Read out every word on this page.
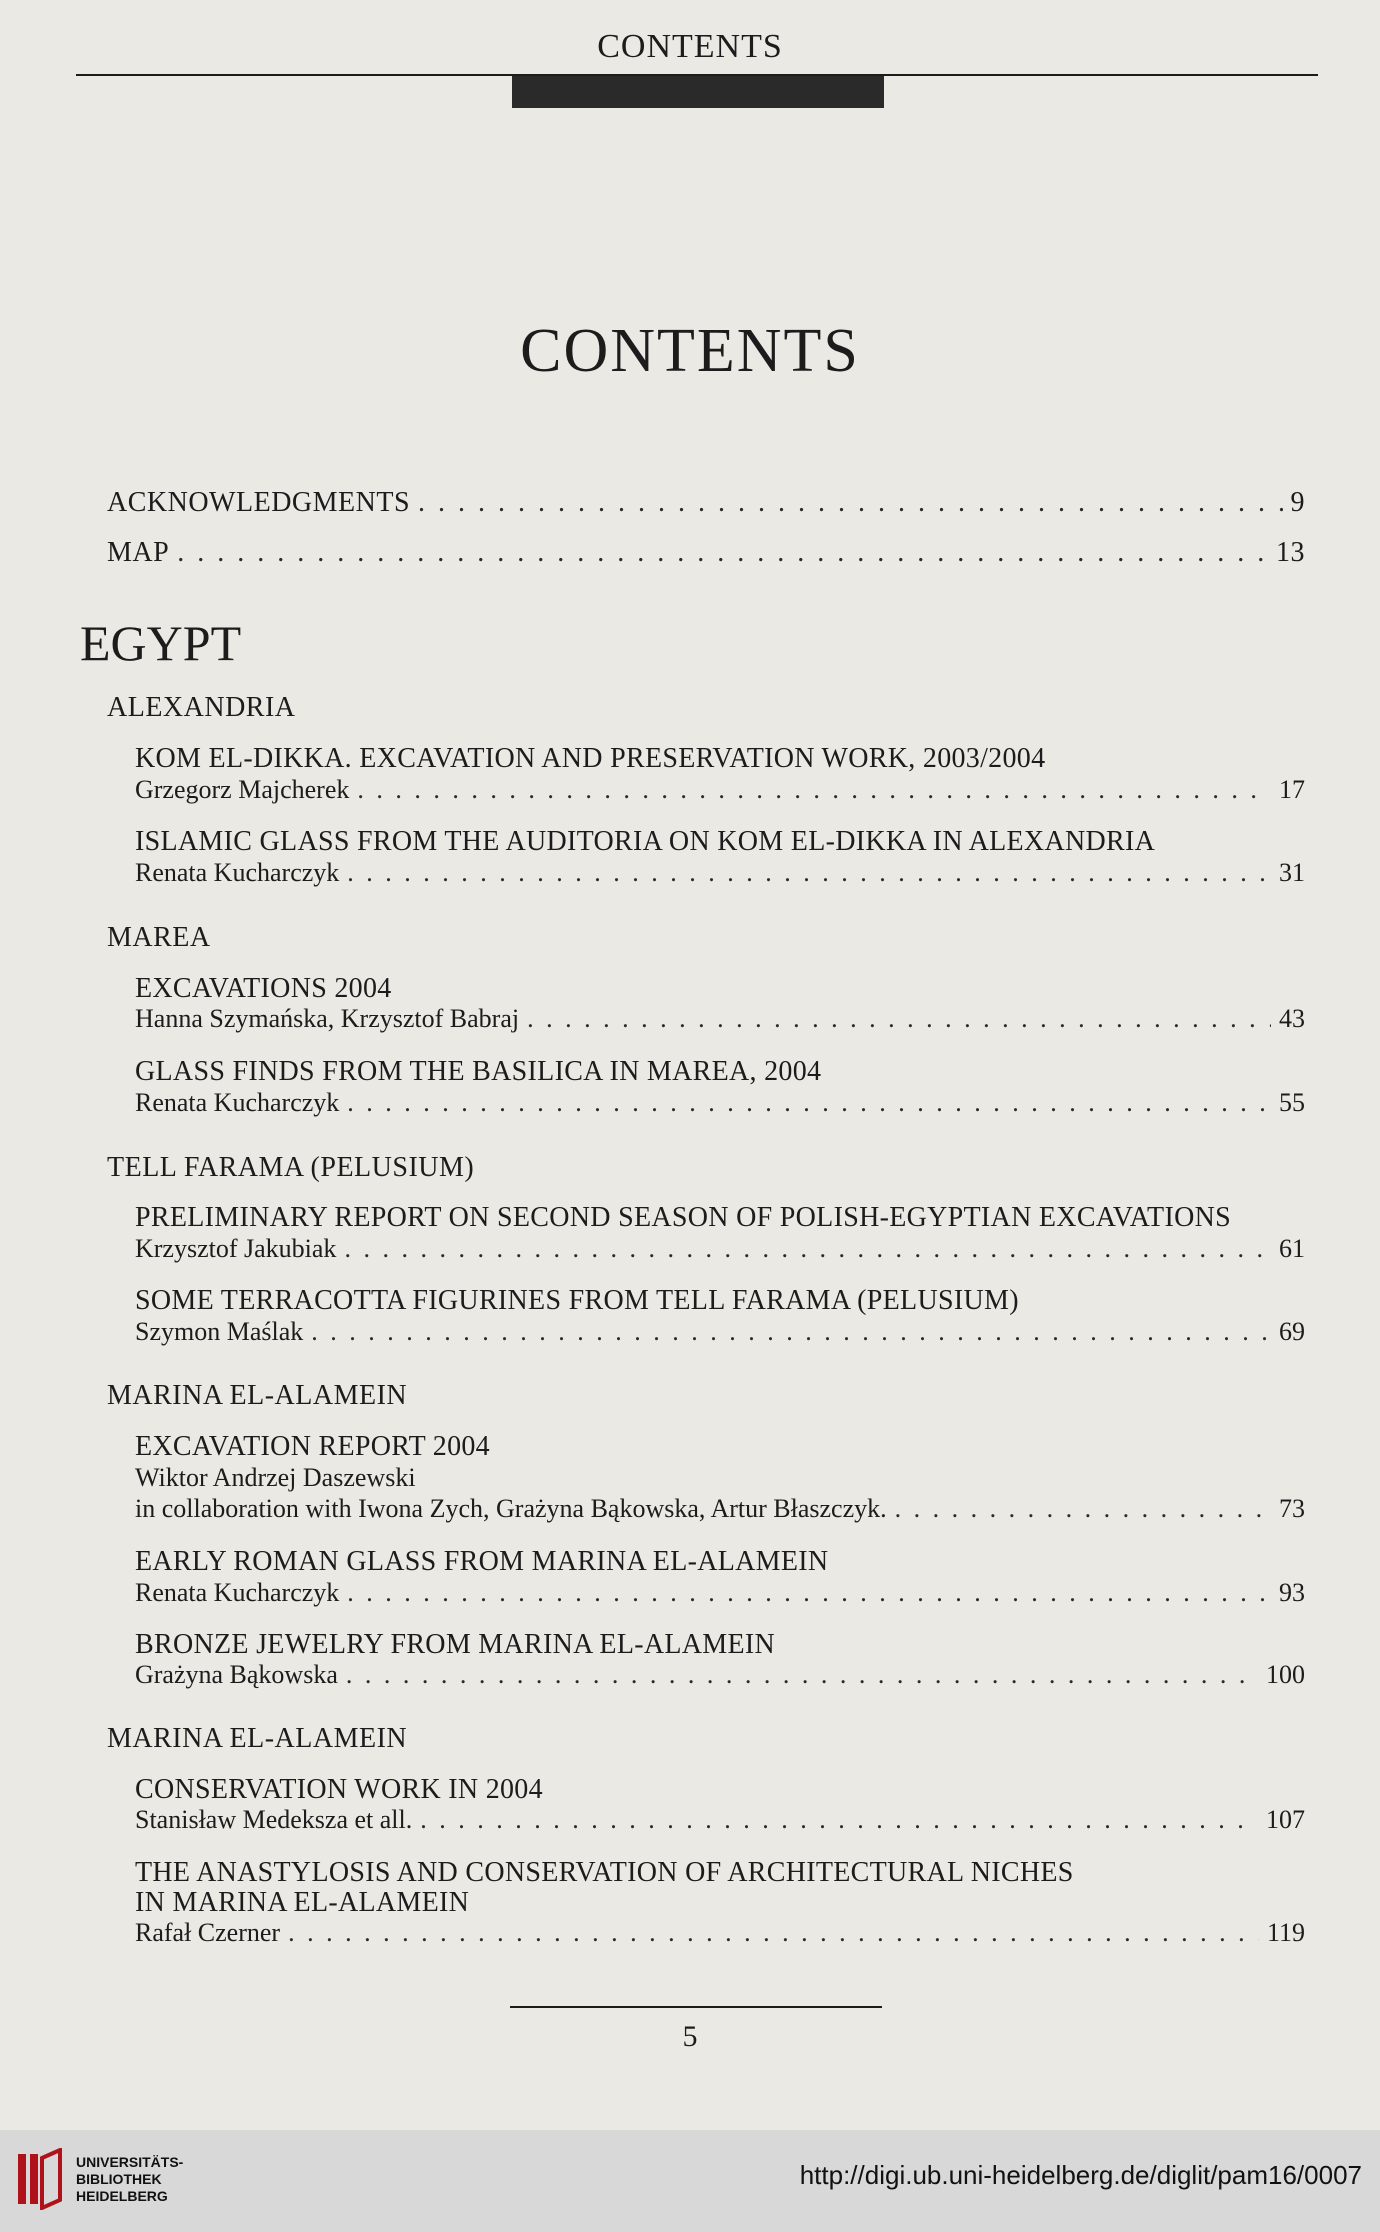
CONTENTS
CONTENTS
ACKNOWLEDGMENTS . . .	9
MAP . . .	13
EGYPT
ALEXANDRIA
KOM EL-DIKKA. EXCAVATION AND PRESERVATION WORK, 2003/2004
Grzegorz Majcherek . . .	17
ISLAMIC GLASS FROM THE AUDITORIA ON KOM EL-DIKKA IN ALEXANDRIA
Renata Kucharczyk . . .	31
MAREA
EXCAVATIONS 2004
Hanna Szymańska, Krzysztof Babraj . . .	43
GLASS FINDS FROM THE BASILICA IN MAREA, 2004
Renata Kucharczyk . . .	55
TELL FARAMA (PELUSIUM)
PRELIMINARY REPORT ON SECOND SEASON OF POLISH-EGYPTIAN EXCAVATIONS
Krzysztof Jakubiak . . .	61
SOME TERRACOTTA FIGURINES FROM TELL FARAMA (PELUSIUM)
Szymon Maślak . . .	69
MARINA EL-ALAMEIN
EXCAVATION REPORT 2004
Wiktor Andrzej Daszewski
in collaboration with Iwona Zych, Grażyna Bąkowska, Artur Błaszczyk. . . .	73
EARLY ROMAN GLASS FROM MARINA EL-ALAMEIN
Renata Kucharczyk . . .	93
BRONZE JEWELRY FROM MARINA EL-ALAMEIN
Grażyna Bąkowska . . .	100
MARINA EL-ALAMEIN
CONSERVATION WORK IN 2004
Stanisław Medeksza et all. . . .	107
THE ANASTYLOSIS AND CONSERVATION OF ARCHITECTURAL NICHES
IN MARINA EL-ALAMEIN
Rafał Czerner . . .	119
5
UNIVERSITÄTS-
BIBLIOTHEK
HEIDELBERG
http://digi.ub.uni-heidelberg.de/diglit/pam16/0007
